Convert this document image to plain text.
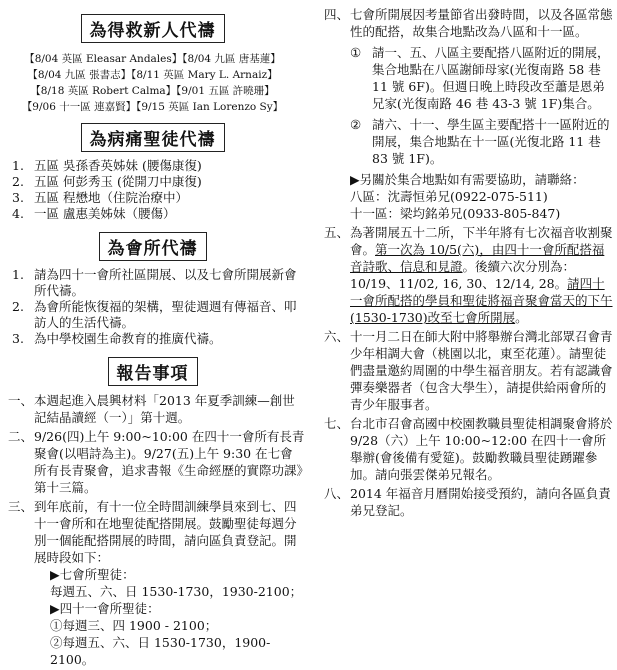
為得救新人代禱
【8/04 英區 Eleasar Andales】【8/04 九區 唐基蓮】
【8/04 九區 張書志】【8/11 英區 Mary L. Arnaiz】
【8/18 英區 Robert Calma】【9/01 五區 許曉珊】
【9/06 十一區 連嘉賢】【9/15 英區 Ian Lorenzo Sy】
為病痛聖徒代禱
1. 五區 吳孫香英姊妹 (腰傷康復)
2. 五區 何彭秀玉 (從開刀中康復)
3. 五區 程懋地（住院治療中）
4. 一區 盧惠美姊妹（腰傷）
為會所代禱
1. 請為四十一會所社區開展、以及七會所開展新會所代禱。
2. 為會所能恢復福的架構，聖徒週週有傳福音、叩訪人的生活代禱。
3. 為中學校園生命教育的推廣代禱。
報告事項
一、 本週起進入晨興材料「2013 年夏季訓練—創世記結晶讀經（一）」第十週。
二、 9/26(四)上午 9:00~10:00 在四十一會所有長青聚會(以唱詩為主)。9/27(五)上午 9:30 在七會所有長青聚會，追求書報《生命經歷的實際功課》第十三篇。
三、 到年底前，有十一位全時間訓練學員來到七、四十一會所和在地聖徒配搭開展。鼓勵聖徒每週分別一個能配搭開展的時間，請向區負責登記。開展時段如下：
▶七會所聖徒：
每週五、六、日 1530-1730，1930-2100；
▶四十一會所聖徒：
①每週三、四 1900 - 2100；
②每週五、六、日 1530-1730，1900-2100。
四、 七會所開展因考量節省出發時間，以及各區常態性的配搭，故集合地點改為八區和十一區。
① 請一、五、八區主要配搭八區附近的開展，集合地點在八區謝師母家(光復南路 58 巷 11 號 6F)。但週日晚上時段改至蕭是恩弟兄家(光復南路 46 巷 43-3 號 1F)集合。
② 請六、十一、學生區主要配搭十一區附近的開展，集合地點在十一區(光復北路 11 巷 83 號 1F)。
▶另關於集合地點如有需要協助，請聯絡：
八區：沈壽恒弟兄(0922-075-511)
十一區：梁均銘弟兄(0933-805-847)
五、 為著開展五十二所，下半年將有七次福音收割聚會。第一次為 10/5(六)，由四十一會所配搭福音詩歌、信息和見證。後續六次分別為：10/19、11/02, 16, 30、12/14, 28。請四十一會所配搭的學員和聖徒將福音聚會當天的下午(1530-1730)改至七會所開展。
六、 十一月二日在師大附中將舉辦台灣北部眾召會青少年相調大會（桃園以北，東至花蓮）。請聖徒們盡量邀約周圍的中學生福音朋友。若有認識會彈奏樂器者（包含大學生），請提供給兩會所的青少年服事者。
七、 台北市召會高國中校園教職員聖徒相調聚會將於 9/28（六）上午 10:00~12:00 在四十一會所舉辦(會後備有愛筵)。鼓勵教職員聖徒踴躍參加。請向張雲傑弟兄報名。
八、 2014 年福音月曆開始接受預約，請向各區負責弟兄登記。
